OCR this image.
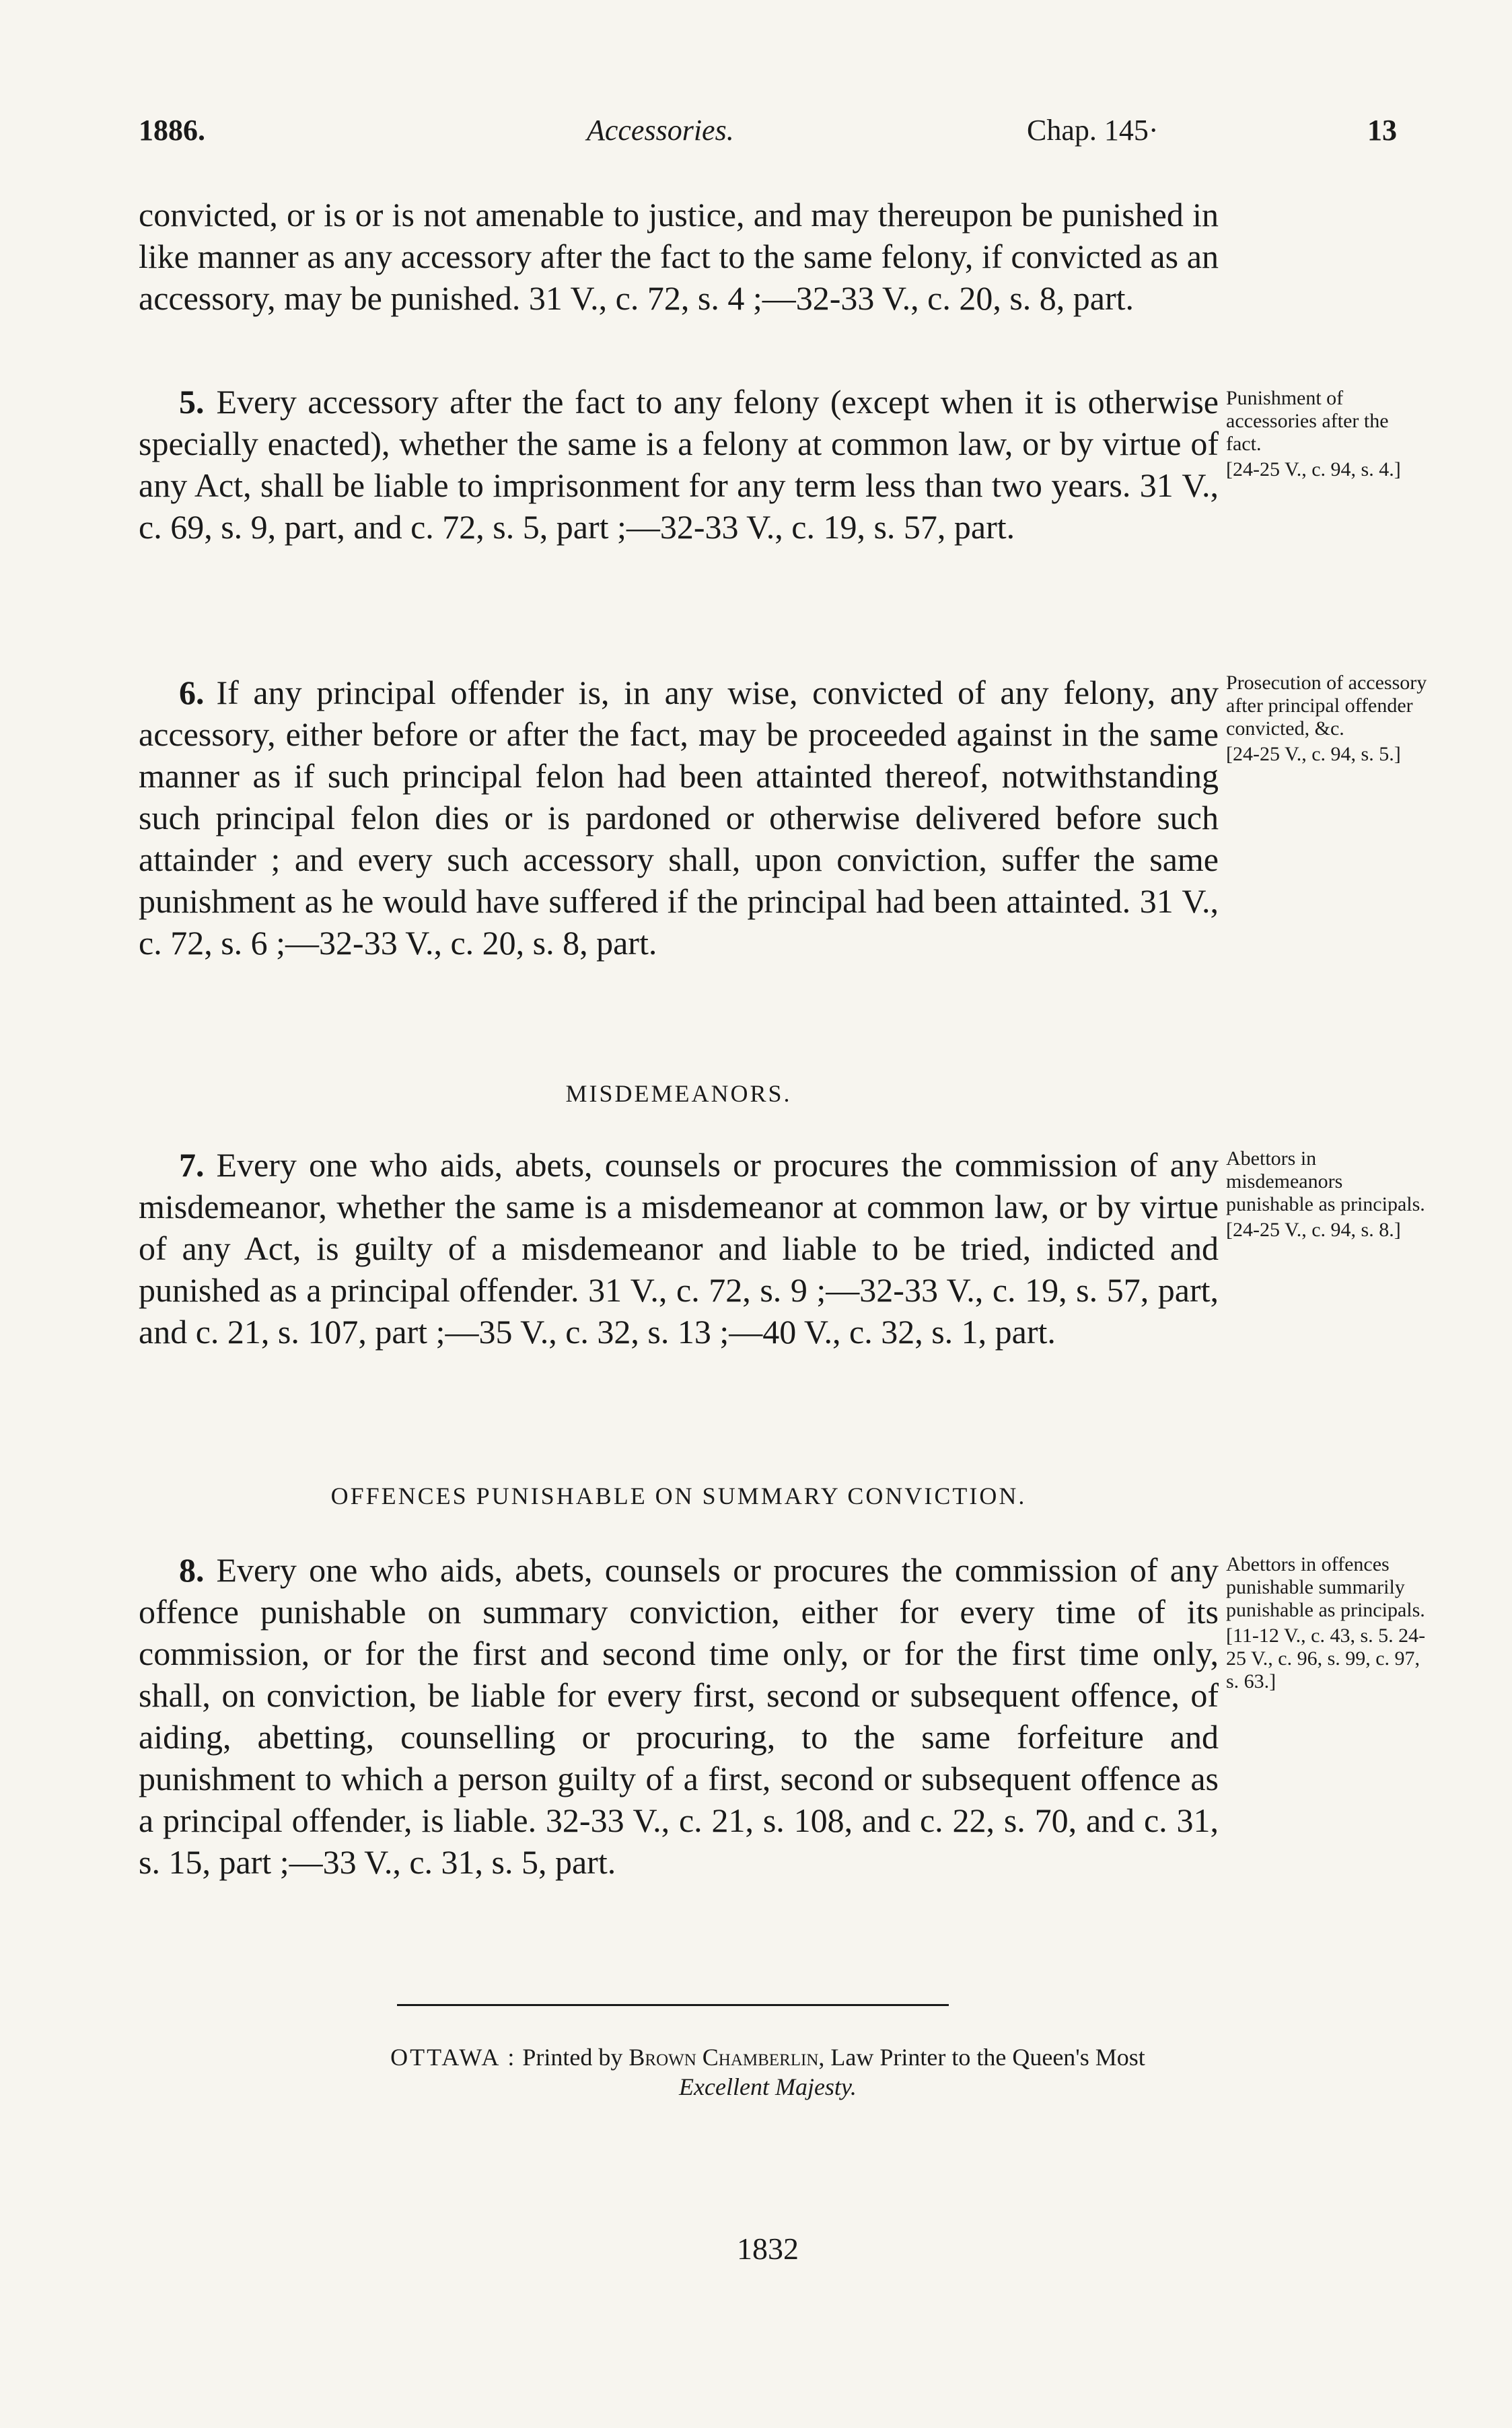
1886.	Accessories.	Chap. 145·	13

convicted, or is or is not amenable to justice, and may thereupon be punished in like manner as any accessory after the fact to the same felony, if convicted as an accessory, may be punished. 31 V., c. 72, s. 4 ;—32-33 V., c. 20, s. 8, part.

5. Every accessory after the fact to any felony (except when it is otherwise specially enacted), whether the same is a felony at common law, or by virtue of any Act, shall be liable to imprisonment for any term less than two years. 31 V., c. 69, s. 9, part, and c. 72, s. 5, part ;—32-33 V., c. 19, s. 57, part.

Punishment of accessories after the fact.
[24-25 V., c. 94, s. 4.]

6. If any principal offender is, in any wise, convicted of any felony, any accessory, either before or after the fact, may be proceeded against in the same manner as if such principal felon had been attainted thereof, notwithstanding such principal felon dies or is pardoned or otherwise delivered before such attainder ; and every such accessory shall, upon conviction, suffer the same punishment as he would have suffered if the principal had been attainted. 31 V., c. 72, s. 6 ;—32-33 V., c. 20, s. 8, part.

Prosecution of accessory after principal offender convicted, &c.
[24-25 V., c. 94, s. 5.]
MISDEMEANORS.

7. Every one who aids, abets, counsels or procures the commission of any misdemeanor, whether the same is a misdemeanor at common law, or by virtue of any Act, is guilty of a misdemeanor and liable to be tried, indicted and punished as a principal offender. 31 V., c. 72, s. 9 ;—32-33 V., c. 19, s. 57, part, and c. 21, s. 107, part ;—35 V., c. 32, s. 13 ;—40 V., c. 32, s. 1, part.

Abettors in misdemeanors punishable as principals.
[24-25 V., c. 94, s. 8.]
OFFENCES PUNISHABLE ON SUMMARY CONVICTION.

8. Every one who aids, abets, counsels or procures the commission of any offence punishable on summary conviction, either for every time of its commission, or for the first and second time only, or for the first time only, shall, on conviction, be liable for every first, second or subsequent offence, of aiding, abetting, counselling or procuring, to the same forfeiture and punishment to which a person guilty of a first, second or subsequent offence as a principal offender, is liable. 32-33 V., c. 21, s. 108, and c. 22, s. 70, and c. 31, s. 15, part ;—33 V., c. 31, s. 5, part.

Abettors in offences punishable summarily punishable as principals.
[11-12 V., c. 43, s. 5. 24-25 V., c. 96, s. 99, c. 97, s. 63.]
OTTAWA : Printed by Brown Chamberlin, Law Printer to the Queen's Most
Excellent Majesty.
1832
